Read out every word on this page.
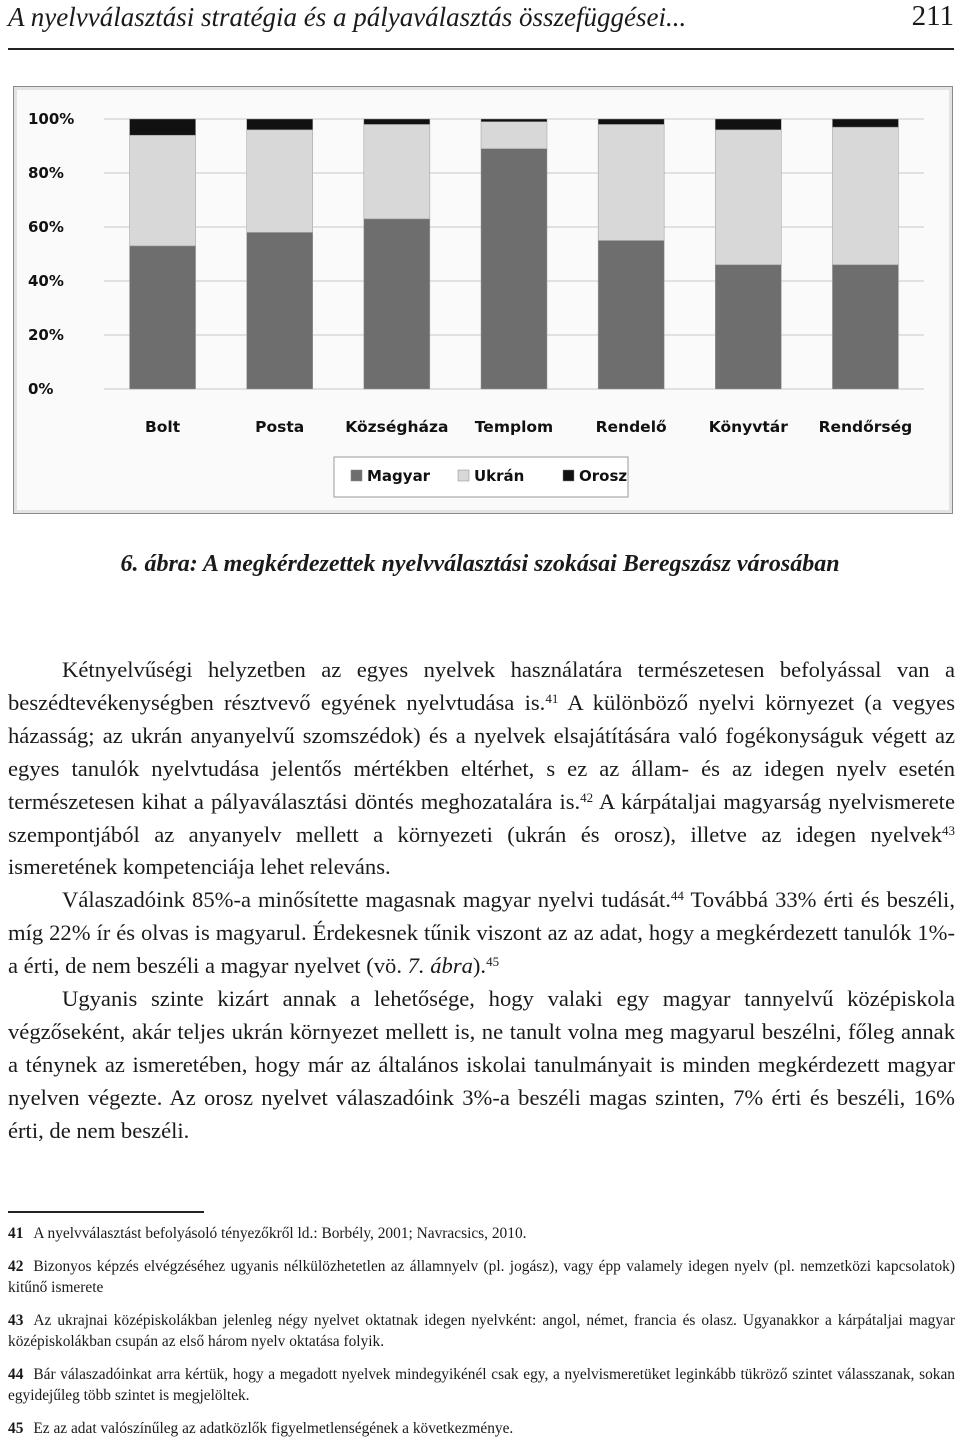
A nyelvválasztási stratégia és a pályaválasztás összefüggései...	211
0%
20%
40%
60%
80%
100%
Bolt	Posta	Községháza Templom	Rendelő	Könyvtár Rendőrség
Magyar	Ukrán	Orosz
6. ábra: A megkérdezettek nyelvválasztási szokásai Beregszász városában

Kétnyelvűségi helyzetben az egyes nyelvek használatára természetesen befolyással van a beszédtevékenységben résztvevő egyének nyelvtudása is.$^{41}$ A különböző nyelvi környezet (a vegyes házasság; az ukrán anyanyelvű szomszédok) és a nyelvek elsajátítására való fogékonyságuk végett az egyes tanulók nyelvtudása jelentős mértékben eltérhet, s ez az állam- és az idegen nyelv esetén természetesen kihat a pályaválasztási döntés meghozatalára is.$^{42}$ A kárpátaljai magyarság nyelvismerete szempontjából az anyanyelv mellett a környezeti (ukrán és orosz), illetve az idegen nyelvek$^{43}$ ismeretének kompetenciája lehet releváns.

Válaszadóink 85%-a minősítette magasnak magyar nyelvi tudását.$^{44}$ Továbbá 33% érti és beszéli, míg 22% ír és olvas is magyarul. Érdekesnek tűnik viszont az az adat, hogy a megkérdezett tanulók 1%-a érti, de nem beszéli a magyar nyelvet (vö. 7. ábra).$^{45}$

Ugyanis szinte kizárt annak a lehetősége, hogy valaki egy magyar tannyelvű középiskola végzőseként, akár teljes ukrán környezet mellett is, ne tanult volna meg magyarul beszélni, főleg annak a ténynek az ismeretében, hogy már az általános iskolai tanulmányait is minden megkérdezett magyar nyelven végezte. Az orosz nyelvet válaszadóink 3%-a beszéli magas szinten, 7% érti és beszéli, 16% érti, de nem beszéli.

41 A nyelvválasztást befolyásoló tényezőkről ld.: Borbély, 2001; Navracsics, 2010.

42 Bizonyos képzés elvégzéséhez ugyanis nélkülözhetetlen az államnyelv (pl. jogász), vagy épp valamely idegen nyelv (pl. nemzetközi kapcsolatok) kitűnő ismerete

43 Az ukrajnai középiskolákban jelenleg négy nyelvet oktatnak idegen nyelvként: angol, német, francia és olasz. Ugyanakkor a kárpátaljai magyar középiskolákban csupán az első három nyelv oktatása folyik.

44 Bár válaszadóinkat arra kértük, hogy a megadott nyelvek mindegyikénél csak egy, a nyelvismeretüket leginkább tükröző szintet válasszanak, sokan egyidejűleg több szintet is megjelöltek.

45 Ez az adat valószínűleg az adatközlők figyelmetlenségének a következménye.
